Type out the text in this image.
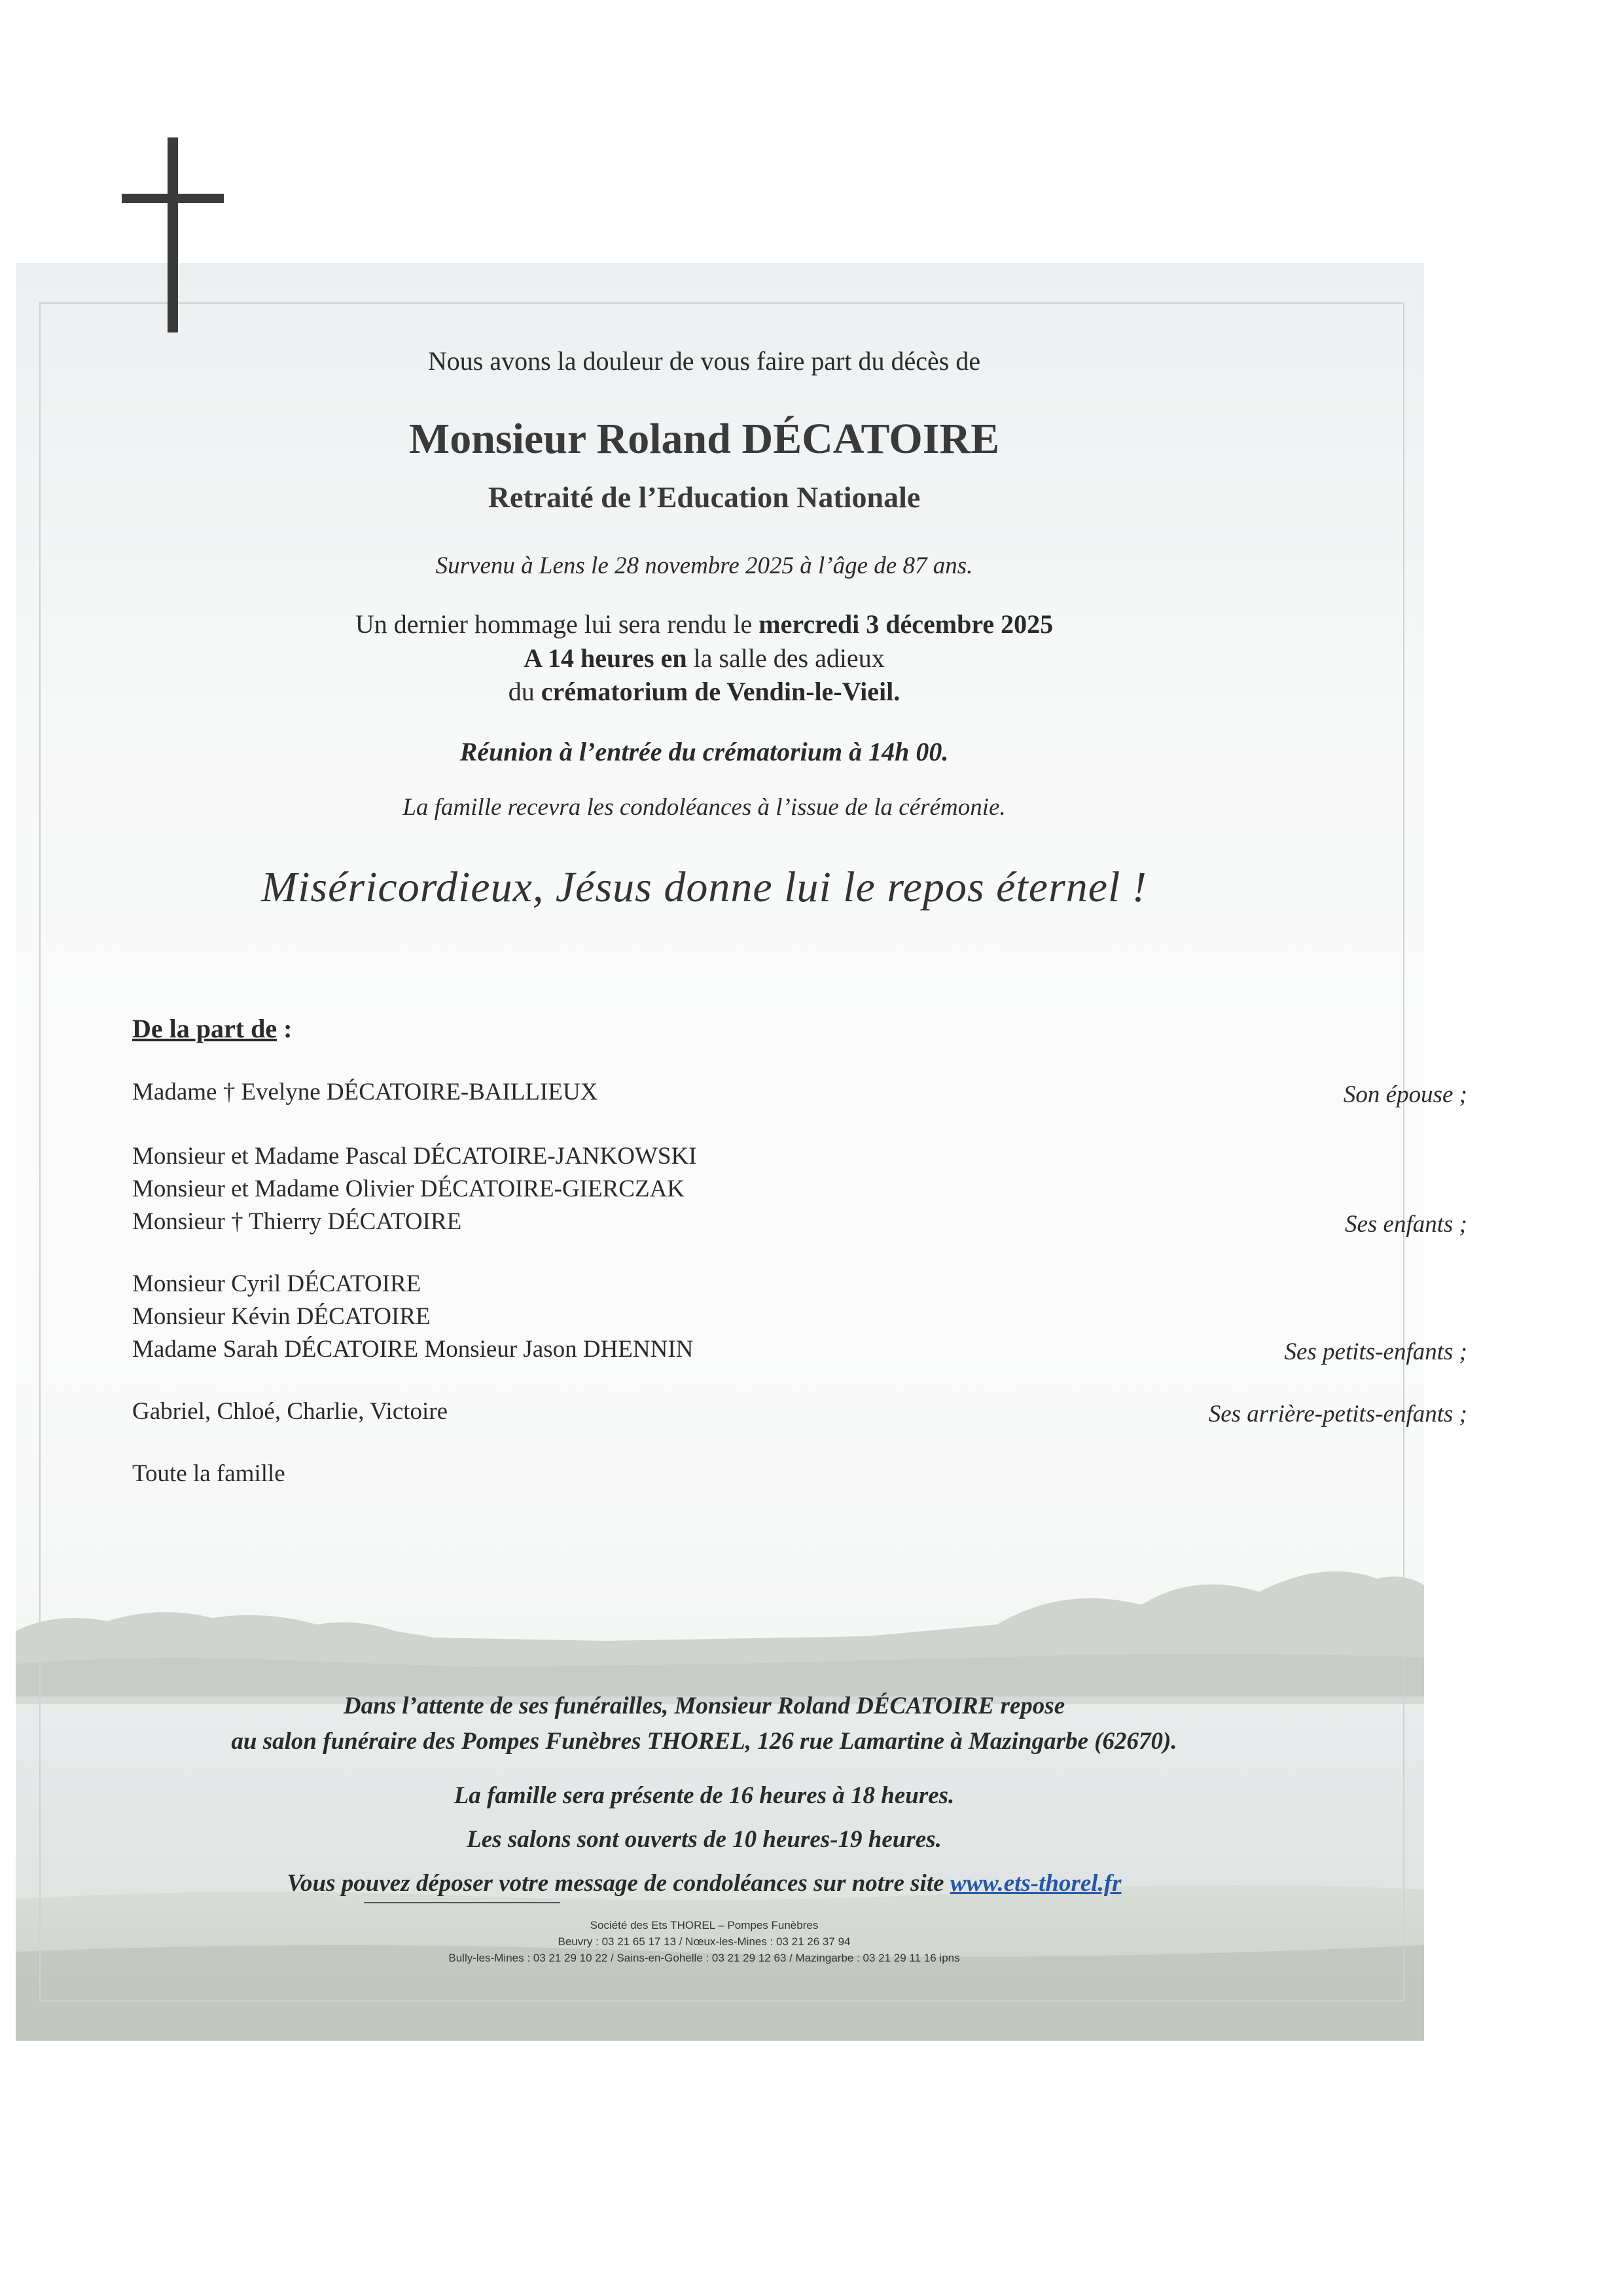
Nous avons la douleur de vous faire part du décès de
Monsieur Roland DÉCATOIRE
Retraité de l’Education Nationale
Survenu à Lens le 28 novembre 2025 à l’âge de 87 ans.
Un dernier hommage lui sera rendu le mercredi 3 décembre 2025
A 14 heures en la salle des adieux
du crématorium de Vendin-le-Vieil.
Réunion à l’entrée du crématorium à 14h 00.
La famille recevra les condoléances à l’issue de la cérémonie.
Miséricordieux, Jésus donne lui le repos éternel !
De la part de :
Madame † Evelyne DÉCATOIRE-BAILLIEUX	Son épouse ;
Monsieur et Madame Pascal DÉCATOIRE-JANKOWSKI
Monsieur et Madame Olivier DÉCATOIRE-GIERCZAK
Monsieur † Thierry DÉCATOIRE	Ses enfants ;
Monsieur Cyril DÉCATOIRE
Monsieur Kévin DÉCATOIRE
Madame Sarah DÉCATOIRE Monsieur Jason DHENNIN	Ses petits-enfants ;
Gabriel, Chloé, Charlie, Victoire	Ses arrière-petits-enfants ;
Toute la famille
Dans l’attente de ses funérailles, Monsieur Roland DÉCATOIRE repose
au salon funéraire des Pompes Funèbres THOREL, 126 rue Lamartine à Mazingarbe (62670).
La famille sera présente de 16 heures à 18 heures.
Les salons sont ouverts de 10 heures-19 heures.
Vous pouvez déposer votre message de condoléances sur notre site www.ets-thorel.fr
Société des Ets THOREL – Pompes Funèbres
Beuvry : 03 21 65 17 13 / Nœux-les-Mines : 03 21 26 37 94
Bully-les-Mines : 03 21 29 10 22 / Sains-en-Gohelle : 03 21 29 12 63 / Mazingarbe : 03 21 29 11 16 ipns
